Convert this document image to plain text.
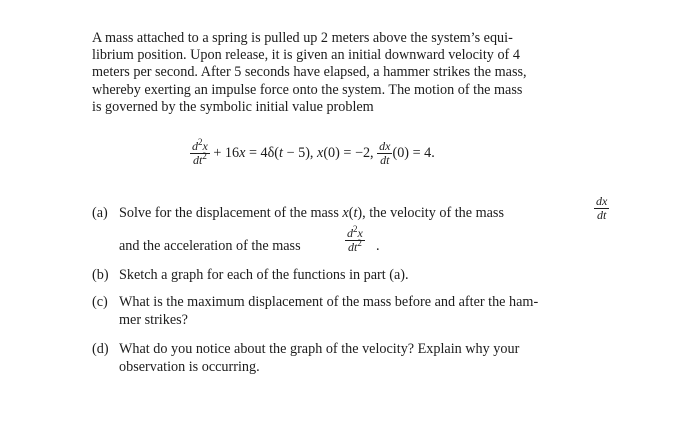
A mass attached to a spring is pulled up 2 meters above the system’s equi-
librium position. Upon release, it is given an initial downward velocity of 4
meters per second. After 5 seconds have elapsed, a hammer strikes the mass,
whereby exerting an impulse force onto the system. The motion of the mass
is governed by the symbolic initial value problem
$\frac{d^2x}{dt^2} + 16x = 4\delta(t - 5)$, x(0) = −2, $\frac{dx}{dt} (0) = 4$.
(a) Solve for the displacement of the mass x(t), the velocity of the mass	$\frac{dx}{dt}$
and the acceleration of the mass	$\frac{d^2x}{dt^2}$ .
(b) Sketch a graph for each of the functions in part (a).
(c) What is the maximum displacement of the mass before and after the ham-
mer strikes?
(d) What do you notice about the graph of the velocity? Explain why your
observation is occurring.
